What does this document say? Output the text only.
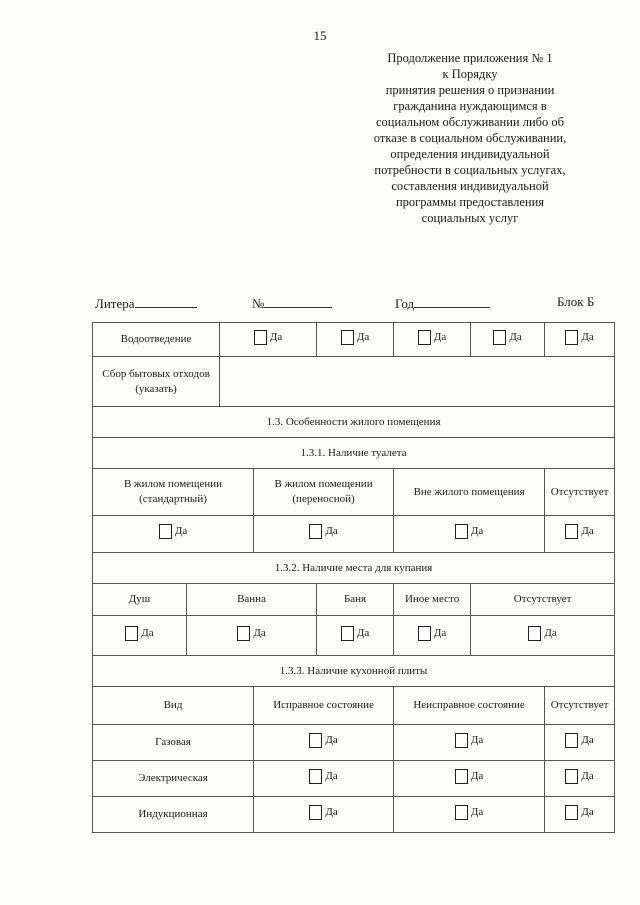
15
Продолжение приложения № 1
к Порядку
принятия решения о признании
гражданина нуждающимся в
социальном обслуживании либо об
отказе в социальном обслуживании,
определения индивидуальной
потребности в социальных услугах,
составления индивидуальной
программы предоставления
социальных услуг
Литера	№	Год	Блок Б
Водоотведение		Да		Да	Да	Да	Да

Сбор бытовых отходов (указать)							
1.3. Особенности жилого помещения							
1.3.1. Наличие туалета							
В жилом помещении (стандартный)			В жилом помещении (переносной)		Вне жилого помещения		Отсутствует

Да			Да		Да		Да

1.3.2. Наличие места для купания							
Душ	Ванна			Баня	Иное место	Отсутствует	

Да	Да			Да	Да	Да	

1.3.3. Наличие кухонной плиты							
Вид			Исправное состояние		Неисправное состояние		Отсутствует
Газовая			Да		Да		Да

Электрическая			Да		Да		Да

Индукционная			Да		Да		Да
